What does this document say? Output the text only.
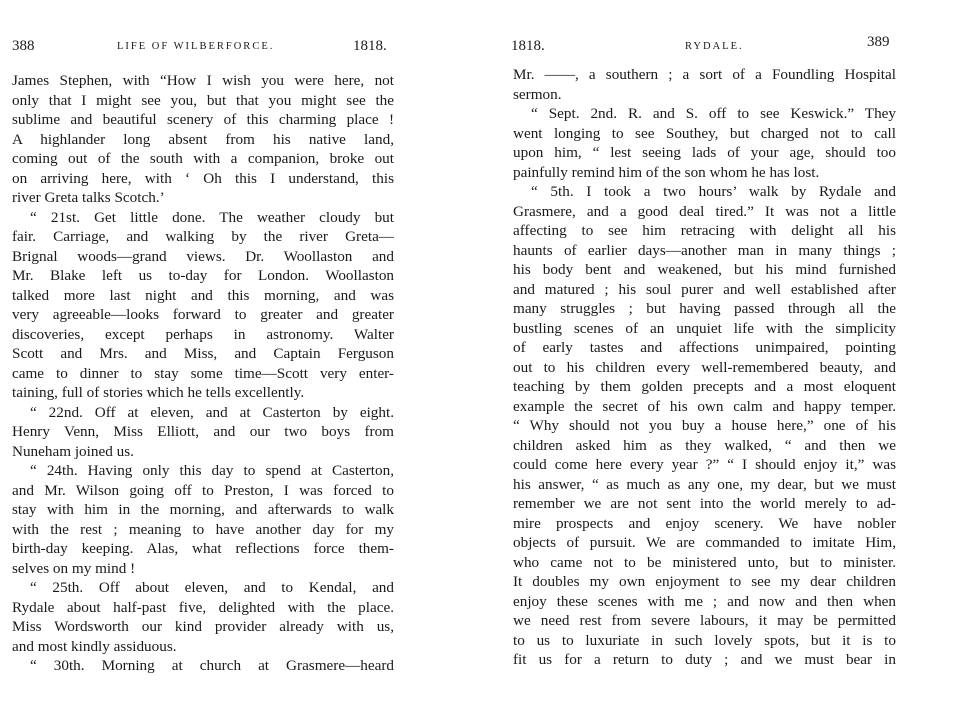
388	LIFE OF WILBERFORCE.	1818.
James Stephen, with “How I wish you were here, not
only that I might see you, but that you might see the
sublime and beautiful scenery of this charming place !
A highlander long absent from his native land,
coming out of the south with a companion, broke out
on arriving here, with ‘ Oh this I understand, this
river Greta talks Scotch.’
“ 21st. Get little done. The weather cloudy but
fair. Carriage, and walking by the river Greta—
Brignal woods—grand views. Dr. Woollaston and
Mr. Blake left us to-day for London. Woollaston
talked more last night and this morning, and was
very agreeable—looks forward to greater and greater
discoveries, except perhaps in astronomy. Walter
Scott and Mrs. and Miss, and Captain Ferguson
came to dinner to stay some time—Scott very enter-
taining, full of stories which he tells excellently.
“ 22nd. Off at eleven, and at Casterton by eight.
Henry Venn, Miss Elliott, and our two boys from
Nuneham joined us.
“ 24th. Having only this day to spend at Casterton,
and Mr. Wilson going off to Preston, I was forced to
stay with him in the morning, and afterwards to walk
with the rest ; meaning to have another day for my
birth-day keeping. Alas, what reflections force them-
selves on my mind !
“ 25th. Off about eleven, and to Kendal, and
Rydale about half-past five, delighted with the place.
Miss Wordsworth our kind provider already with us,
and most kindly assiduous.
“ 30th. Morning at church at Grasmere—heard
1818.	RYDALE.	389
Mr. ——, a southern ; a sort of a Foundling Hospital
sermon.
“ Sept. 2nd. R. and S. off to see Keswick.” They
went longing to see Southey, but charged not to call
upon him, “ lest seeing lads of your age, should too
painfully remind him of the son whom he has lost.
“ 5th. I took a two hours’ walk by Rydale and
Grasmere, and a good deal tired.” It was not a little
affecting to see him retracing with delight all his
haunts of earlier days—another man in many things ;
his body bent and weakened, but his mind furnished
and matured ; his soul purer and well established after
many struggles ; but having passed through all the
bustling scenes of an unquiet life with the simplicity
of early tastes and affections unimpaired, pointing
out to his children every well-remembered beauty, and
teaching by them golden precepts and a most eloquent
example the secret of his own calm and happy temper.
“ Why should not you buy a house here,” one of his
children asked him as they walked, “ and then we
could come here every year ?” “ I should enjoy it,” was
his answer, “ as much as any one, my dear, but we must
remember we are not sent into the world merely to ad-
mire prospects and enjoy scenery. We have nobler
objects of pursuit. We are commanded to imitate Him,
who came not to be ministered unto, but to minister.
It doubles my own enjoyment to see my dear children
enjoy these scenes with me ; and now and then when
we need rest from severe labours, it may be permitted
to us to luxuriate in such lovely spots, but it is to
fit us for a return to duty ; and we must bear in
